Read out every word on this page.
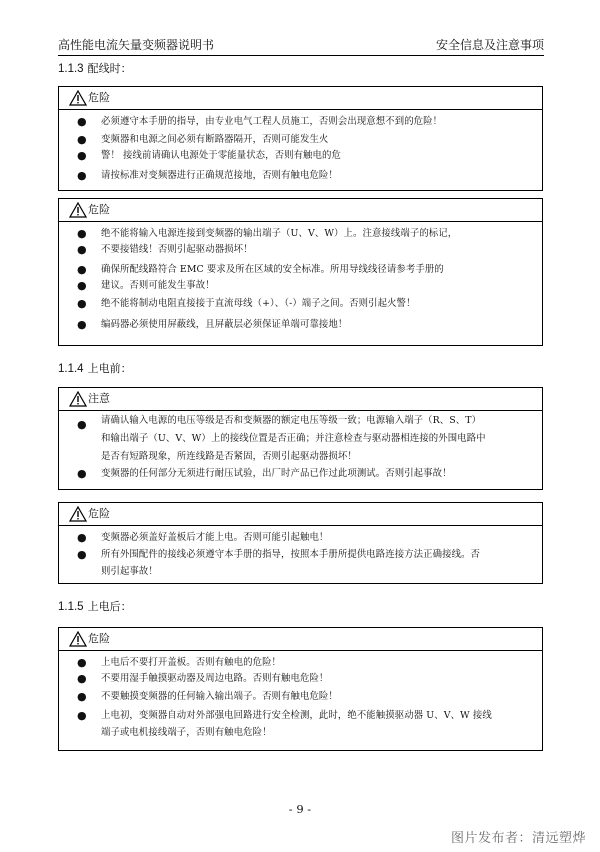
高性能电流矢量变频器说明书	安全信息及注意事项
1.1.3 配线时：
危险
● 必须遵守本手册的指导，由专业电气工程人员施工，否则会出现意想不到的危险！
● 变频器和电源之间必须有断路器隔开，否则可能发生火
● 警！ 接线前请确认电源处于零能量状态，否则有触电的危
● 请按标准对变频器进行正确规范接地，否则有触电危险！
危险
● 绝不能将输入电源连接到变频器的输出端子（U、V、W）上。注意接线端子的标记，
● 不要接错线！否则引起驱动器损坏！
● 确保所配线路符合 EMC 要求及所在区域的安全标准。所用导线线径请参考手册的
● 建议。否则可能发生事故！
● 绝不能将制动电阻直接接于直流母线（+）、（-）端子之间。否则引起火警！
● 编码器必须使用屏蔽线，且屏蔽层必须保证单端可靠接地！
1.1.4 上电前：
注意
● 请确认输入电源的电压等级是否和变频器的额定电压等级一致；电源输入端子（R、S、T）
和输出端子（U、V、W）上的接线位置是否正确；并注意检查与驱动器相连接的外围电路中
是否有短路现象，所连线路是否紧固，否则引起驱动器损坏！
● 变频器的任何部分无须进行耐压试验，出厂时产品已作过此项测试。否则引起事故！
危险
● 变频器必须盖好盖板后才能上电。否则可能引起触电！
● 所有外围配件的接线必须遵守本手册的指导，按照本手册所提供电路连接方法正确接线。否
则引起事故！
1.1.5 上电后：
危险
● 上电后不要打开盖板。否则有触电的危险！
● 不要用湿手触摸驱动器及周边电路。否则有触电危险！
● 不要触摸变频器的任何输入输出端子。否则有触电危险！
● 上电初，变频器自动对外部强电回路进行安全检测，此时，绝不能触摸驱动器 U、V、W 接线
端子或电机接线端子，否则有触电危险！
- 9 -
图片发布者：清远塑烨
